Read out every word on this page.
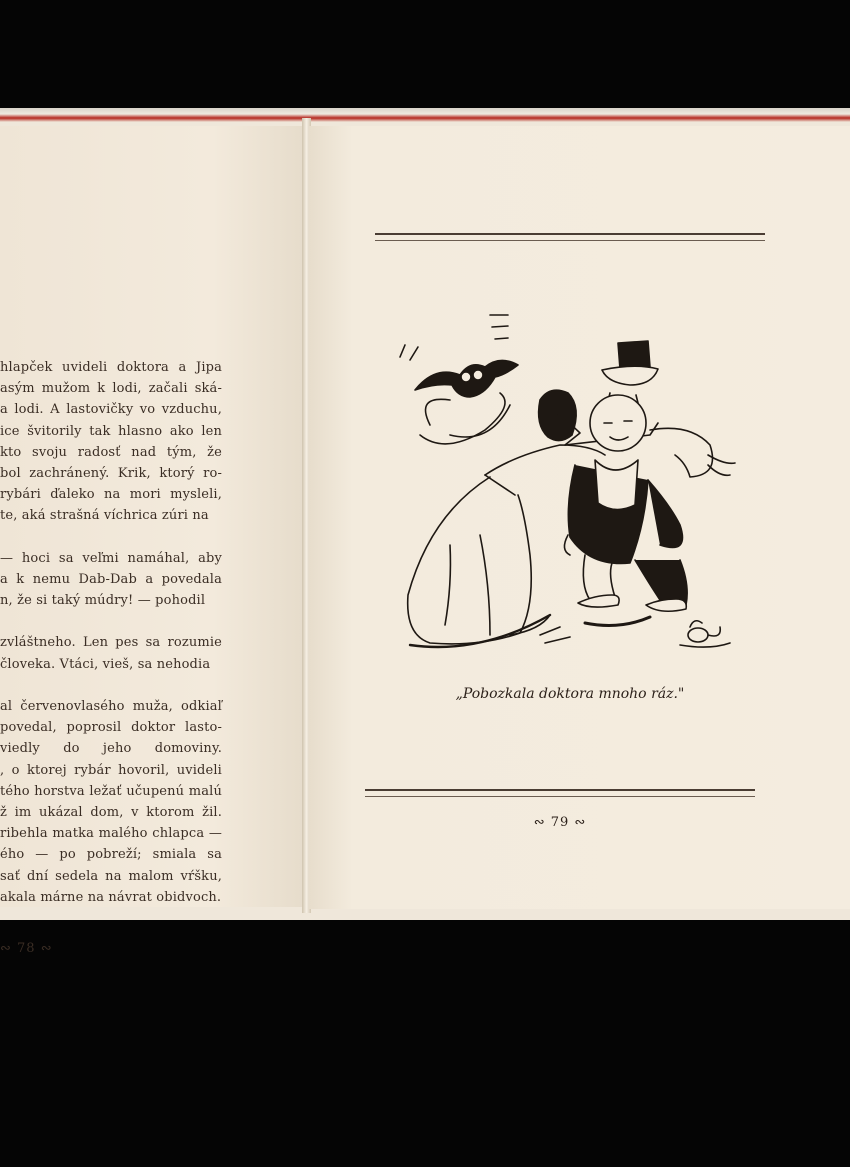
hlapček uvideli doktora a Jipa
asým mužom k lodi, začali ská-
a lodi. A lastovičky vo vzduchu,
ice švitorily tak hlasno ako len
kto svoju radosť nad tým, že
bol zachránený. Krik, ktorý ro-
rybári ďaleko na mori mysleli,
te, aká strašná víchrica zúri na

— hoci sa veľmi namáhal, aby
a k nemu Dab-Dab a povedala
n, že si taký múdry! — pohodil

zvláštneho. Len pes sa rozumie
človeka. Vtáci, vieš, sa nehodia

al červenovlasého muža, odkiaľ
povedal, poprosil doktor lasto-
viedly do jeho domoviny.
, o ktorej rybár hovoril, uvideli
tého horstva ležať učupenú malú
ž im ukázal dom, v ktorom žil.
ribehla matka malého chlapca —
ého — po pobreží; smiala sa
sať dní sedela na malom vŕšku,
akala márne na návrat obidvoch.
∾ 78 ∾
„Pobozkala doktora mnoho ráz."
∾ 79 ∾
